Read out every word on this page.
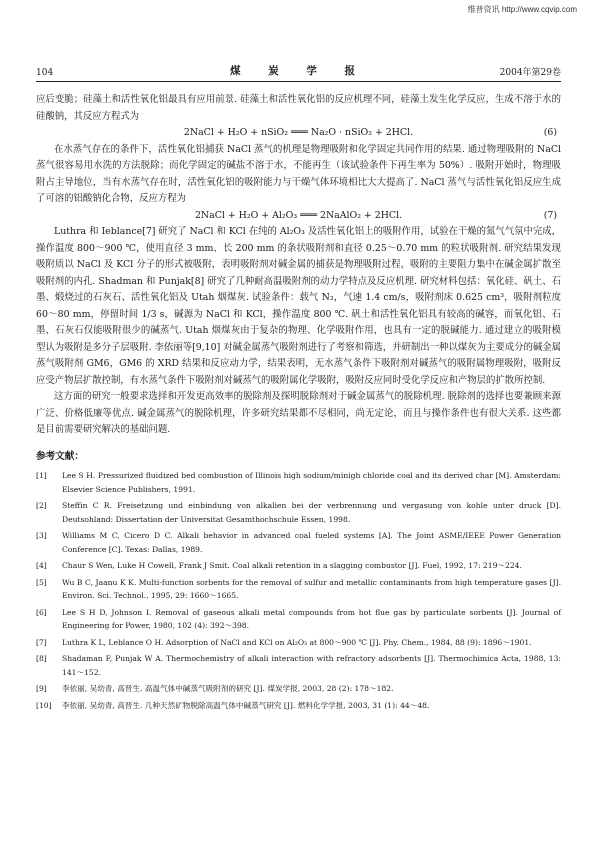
维普资讯 http://www.cqvip.com
104	煤 炭 学 报	2004年第29卷

应后变脆；硅藻土和活性氧化铝最具有应用前景. 硅藻土和活性氧化铝的反应机理不同，硅藻土发生化学反应，生成不溶于水的硅酸钠，其反应方程式为

2NaCl + H₂O + nSiO₂ ═══ Na₂O · nSiO₂ + 2HCl.	(6)

在水蒸气存在的条件下，活性氧化铝捕获 NaCl 蒸气的机理是物理吸附和化学固定共同作用的结果. 通过物理吸附的 NaCl 蒸气很容易用水洗的方法脱除；而化学固定的碱盐不溶于水，不能再生（该试验条件下再生率为 50%）. 吸附开始时，物理吸附占主导地位，当有水蒸气存在时，活性氧化铝的吸附能力与干燥气体环境相比大大提高了. NaCl 蒸气与活性氧化铝反应生成了可溶的铝酸钠化合物，反应方程为

2NaCl + H₂O + Al₂O₃ ═══ 2NaAlO₂ + 2HCl.	(7)

Luthra 和 Ieblance[7] 研究了 NaCl 和 KCl 在纯的 Al₂O₃ 及活性氧化铝上的吸附作用，试验在干燥的氮气气氛中完成，操作温度 800～900 ℃，使用直径 3 mm、长 200 mm 的条状吸附剂和直径 0.25～0.70 mm 的粒状吸附剂. 研究结果发现吸附质以 NaCl 及 KCl 分子的形式被吸附，表明吸附剂对碱金属的捕获是物理吸附过程，吸附的主要阻力集中在碱金属扩散至吸附剂的内孔. Shadman 和 Punjak[8] 研究了几种耐高温吸附剂的动力学特点及反应机理. 研究材料包括：氧化硅、矾土、石墨、煅烧过的石灰石、活性氧化铝及 Utah 烟煤灰. 试验条件：载气 N₂，气速 1.4 cm/s，吸附剂床 0.625 cm³，吸附剂粒度 60～80 mm，停留时间 1/3 s，碱源为 NaCl 和 KCl，操作温度 800 ℃. 矾土和活性氧化铝具有较高的碱容，而氧化铝、石墨、石灰石仅能吸附很少的碱蒸气. Utah 烟煤灰由于复杂的物理、化学吸附作用，也具有一定的脱碱能力. 通过建立的吸附模型认为吸附是多分子层吸附. 李依丽等[9,10] 对碱金属蒸气吸附剂进行了考察和筛选，并研制出一种以煤灰为主要成分的碱金属蒸气吸附剂 GM6，GM6 的 XRD 结果和反应动力学，结果表明，无水蒸气条件下吸附剂对碱蒸气的吸附属物理吸附，吸附反应受产物层扩散控制，有水蒸气条件下吸附剂对碱蒸气的吸附属化学吸附，吸附反应同时受化学反应和产物层的扩散所控制.

这方面的研究一般要求选择和开发更高效率的脱除剂及探明脱除剂对于碱金属蒸气的脱除机理. 脱除剂的选择也要兼顾来源广泛、价格低廉等优点. 碱金属蒸气的脱除机理，许多研究结果都不尽相同，尚无定论，而且与操作条件也有很大关系. 这些都是目前需要研究解决的基础问题.

参考文献：

[1]	Lee S H. Pressurized fluidized bed combustion of Illinois high sodium/minigh chloride coal and its derived char [M]. Amsterdam: Elsevier Science Publishers, 1991.
[2]	Steffin C R. Freisetzung und einbindung von alkalien bei der verbrennung und vergasung von kohle unter druck [D]. Deutsohland: Dissertation der Universitat Gesamthochschule Essen, 1998.
[3]	Williams M C, Cicero D C. Alkali behavior in advanced coal fueled systems [A]. The Joint ASME/IEEE Power Generation Conference [C]. Texas: Dallas, 1989.
[4]	Chaur S Wen, Luke H Cowell, Frank J Smit. Coal alkali retention in a slagging combustor [J]. Fuel, 1992, 17: 219～224.
[5]	Wu B C, Jaanu K K. Multi-function sorbents for the removal of sulfur and metallic contaminants from high temperature gases [J]. Environ. Sci. Technol., 1995, 29: 1660～1665.
[6]	Lee S H D, Johnson I. Removal of gaseous alkali metal compounds from hot flue gas by particulate sorbents [J]. Journal of Engineering for Power, 1980, 102 (4): 392～398.
[7]	Luthra K L, Leblance O H. Adsorption of NaCl and KCl on Al₂O₃ at 800～900 ℃ [J]. Phy. Chem., 1984, 88 (9): 1896～1901.
[8]	Shadaman F, Punjak W A. Thermochemistry of alkali interaction with refractory adsorbents [J]. Thermochimica Acta, 1988, 13: 141～152.
[9]	李依丽, 吴幼青, 高晋生. 高温气体中碱蒸气吸附剂的研究 [J]. 煤炭学报, 2003, 28 (2): 178～182.
[10]	李依丽, 吴幼青, 高晋生. 几种天然矿物脱除高温气体中碱蒸气研究 [J]. 燃料化学学报, 2003, 31 (1): 44～48.
